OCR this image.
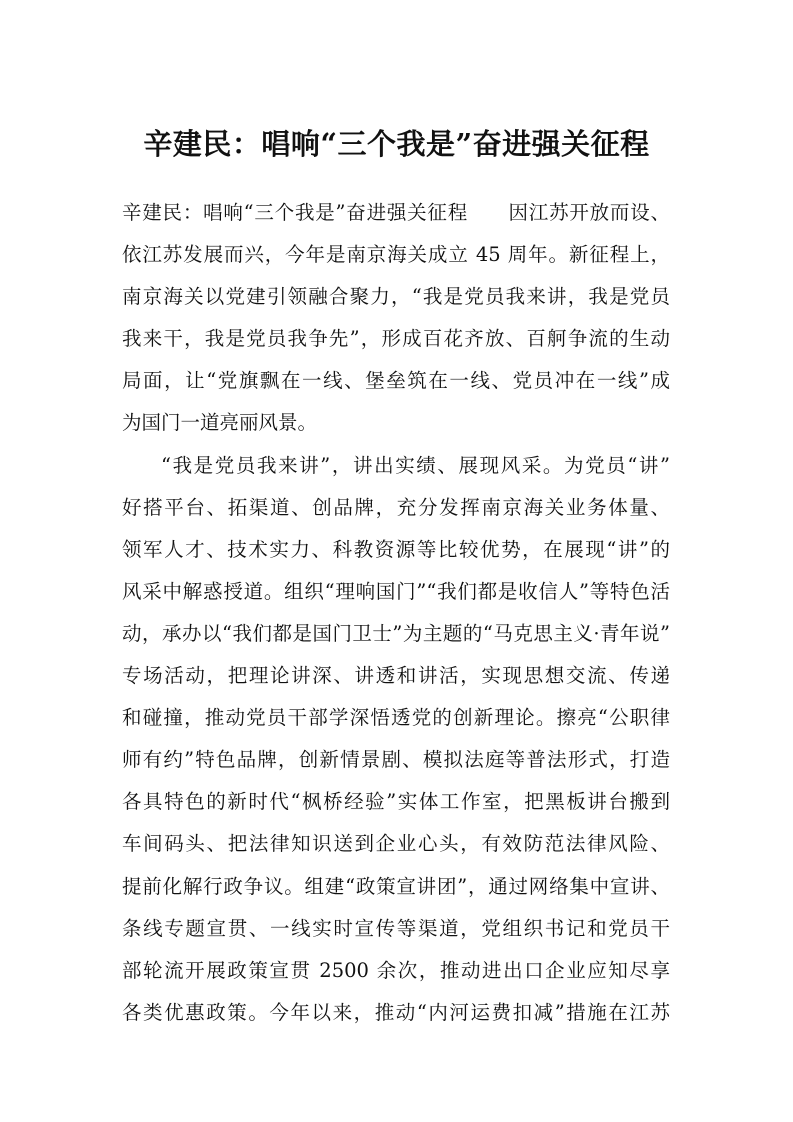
辛建民：唱响“三个我是”奋进强关征程
辛建民：唱响“三个我是”奋进强关征程　　因江苏开放而设、
依江苏发展而兴，今年是南京海关成立 45 周年。新征程上，
南京海关以党建引领融合聚力，“我是党员我来讲，我是党员
我来干，我是党员我争先”，形成百花齐放、百舸争流的生动
局面，让“党旗飘在一线、堡垒筑在一线、党员冲在一线”成
为国门一道亮丽风景。
“我是党员我来讲”，讲出实绩、展现风采。为党员“讲”
好搭平台、拓渠道、创品牌，充分发挥南京海关业务体量、
领军人才、技术实力、科教资源等比较优势，在展现“讲”的
风采中解惑授道。组织“理响国门”“我们都是收信人”等特色活
动，承办以“我们都是国门卫士”为主题的“马克思主义·青年说”
专场活动，把理论讲深、讲透和讲活，实现思想交流、传递
和碰撞，推动党员干部学深悟透党的创新理论。擦亮“公职律
师有约”特色品牌，创新情景剧、模拟法庭等普法形式，打造
各具特色的新时代“枫桥经验”实体工作室，把黑板讲台搬到
车间码头、把法律知识送到企业心头，有效防范法律风险、
提前化解行政争议。组建“政策宣讲团”，通过网络集中宣讲、
条线专题宣贯、一线实时宣传等渠道，党组织书记和党员干
部轮流开展政策宣贯 2500 余次，推动进出口企业应知尽享
各类优惠政策。今年以来，推动“内河运费扣减”措施在江苏
